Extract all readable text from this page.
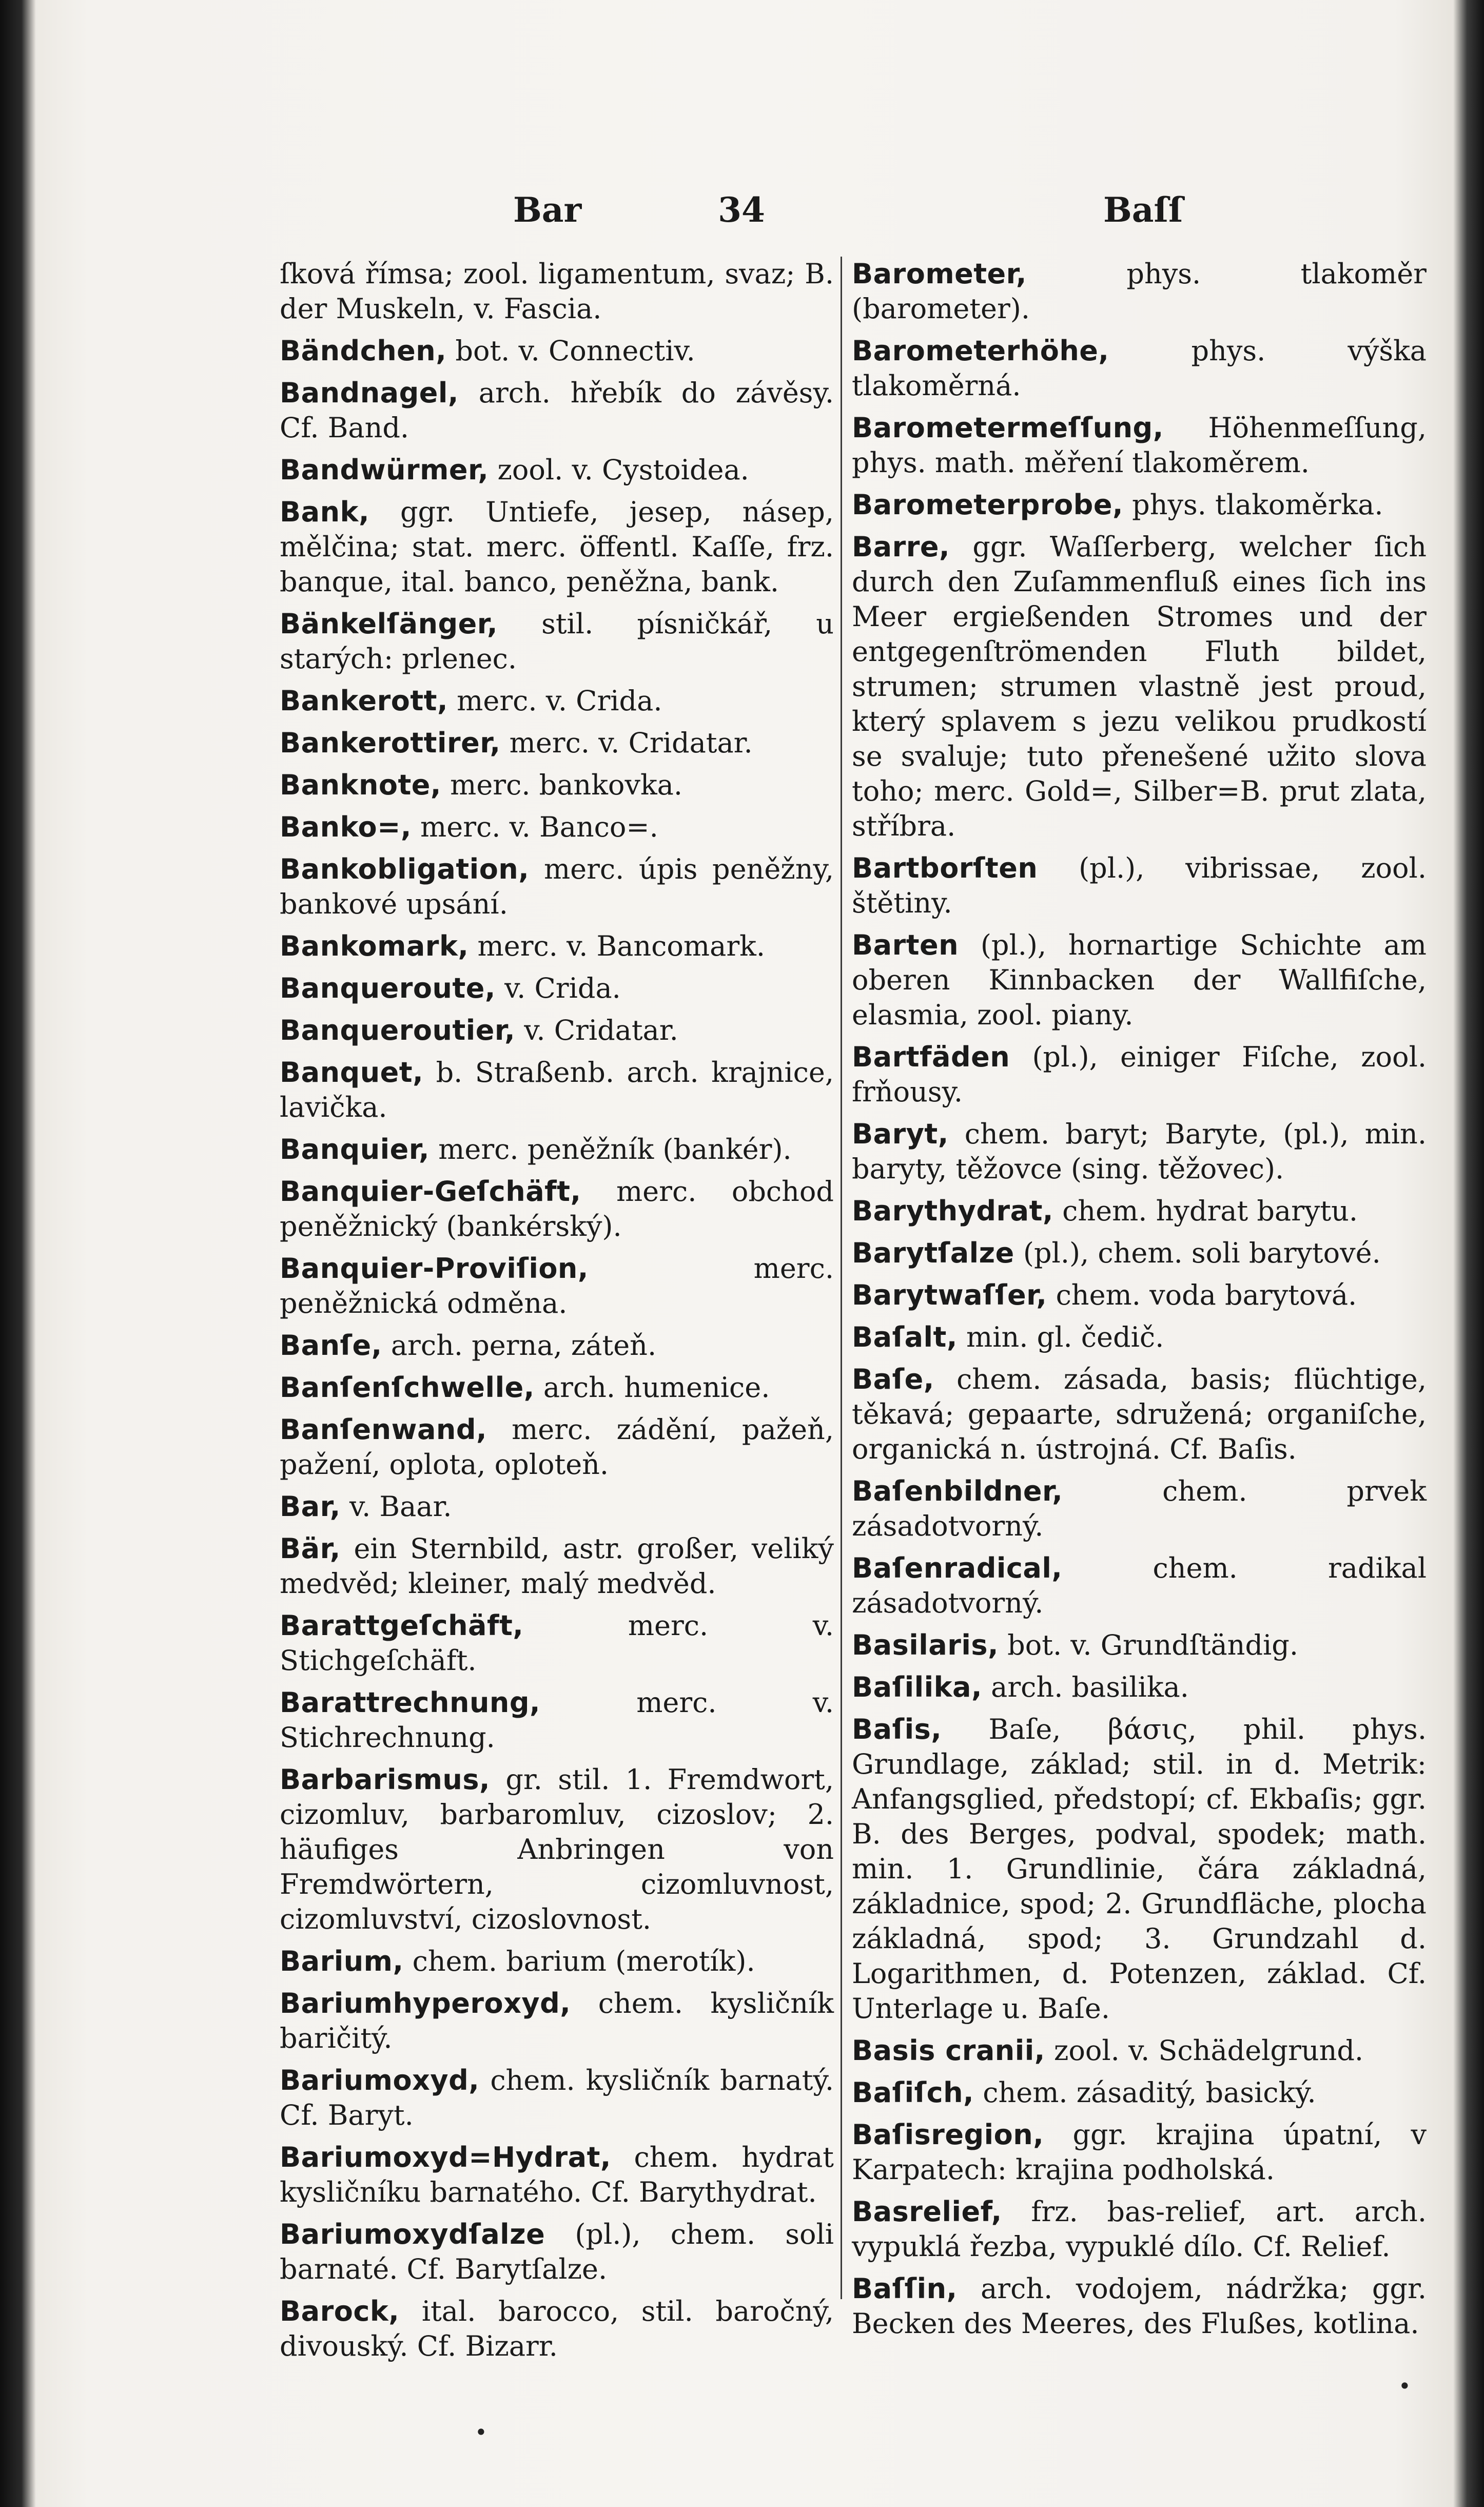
Bar	34	Baſſ
ſková římsa; zool. ligamentum, svaz; B. der Muskeln, v. Fascia.
Bändchen, bot. v. Connectiv.
Bandnagel, arch. hřebík do závěsy. Cf. Band.
Bandwürmer, zool. v. Cystoidea.
Bank, ggr. Untiefe, jesep, násep, mělčina; stat. merc. öffentl. Kaſſe, frz. banque, ital. banco, peněžna, bank.
Bänkelſänger, stil. písničkář, u starých: prlenec.
Bankerott, merc. v. Crida.
Bankerottirer, merc. v. Cridatar.
Banknote, merc. bankovka.
Banko=, merc. v. Banco=.
Bankobligation, merc. úpis peněžny, bankové upsání.
Bankomark, merc. v. Bancomark.
Banqueroute, v. Crida.
Banqueroutier, v. Cridatar.
Banquet, b. Straßenb. arch. krajnice, lavička.
Banquier, merc. peněžník (bankér).
Banquier-Geſchäft, merc. obchod peněžnický (bankérský).
Banquier-Proviſion,	merc. peněžnická odměna.
Banſe, arch. perna, záteň.
Banſenſchwelle, arch. humenice.
Banſenwand, merc. zádění, pažeň, pažení, oplota, oploteň.
Bar, v. Baar.
Bär, ein Sternbild, astr. großer, veliký medvěd; kleiner, malý medvěd.
Barattgeſchäft,	merc. v. Stichgeſchäft.
Barattrechnung,	merc. v. Stichrechnung.
Barbarismus, gr. stil. 1. Fremdwort, cizomluv, barbaromluv, cizoslov; 2. häufiges Anbringen von Fremdwörtern, cizomluvnost, cizomluvství, cizoslovnost.
Barium, chem. barium (merotík).
Bariumhyperoxyd, chem. kysličník baričitý.
Bariumoxyd, chem. kysličník barnatý. Cf. Baryt.
Bariumoxyd=Hydrat, chem. hydrat kysličníku barnatého. Cf. Barythydrat.
Bariumoxydſalze (pl.), chem. soli barnaté. Cf. Barytſalze.
Barock, ital. barocco, stil. baročný, divouský. Cf. Bizarr.
Barometer,	phys. tlakoměr (barometer).
Barometerhöhe,	phys. výška tlakoměrná.
Barometermeſſung, Höhenmeſſung, phys. math. měření tlakoměrem.
Barometerprobe, phys. tlakoměrka.
Barre, ggr. Waſſerberg, welcher ſich durch den Zuſammenfluß eines ſich ins Meer ergießenden Stromes und der entgegenſtrömenden Fluth bildet, strumen; strumen vlastně jest proud, který splavem s jezu velikou prudkostí se svaluje; tuto přenešené užito slova toho; merc. Gold=, Silber=B. prut zlata, stříbra.
Bartborſten (pl.), vibrissae, zool. štětiny.
Barten (pl.), hornartige Schichte am oberen Kinnbacken der Wallfiſche, elasmia, zool. piany.
Bartfäden (pl.), einiger Fiſche, zool. frňousy.
Baryt, chem. baryt; Baryte, (pl.), min. baryty, těžovce (sing. těžovec).
Barythydrat, chem. hydrat barytu.
Barytſalze (pl.), chem. soli barytové.
Barytwaſſer, chem. voda barytová.
Baſalt, min. gl. čedič.
Baſe, chem. zásada, basis; flüchtige, těkavá; gepaarte, sdružená; organiſche, organická n. ústrojná. Cf. Baſis.
Baſenbildner,	chem. prvek zásadotvorný.
Baſenradical,	chem. radikal zásadotvorný.
Basilaris, bot. v. Grundſtändig.
Baſilika, arch. basilika.
Baſis, Baſe, βάσις, phil. phys. Grundlage, základ; stil. in d. Metrik: Anfangsglied, předstopí; cf. Ekbaſis; ggr. B. des Berges, podval, spodek; math. min. 1. Grundlinie, čára základná, základnice, spod; 2. Grundfläche, plocha základná, spod; 3. Grundzahl d. Logarithmen, d. Potenzen, základ. Cf. Unterlage u. Baſe.
Basis cranii, zool. v. Schädelgrund.
Baſiſch, chem. zásaditý, basický.
Baſisregion, ggr. krajina úpatní, v Karpatech: krajina podholská.
Basrelief, frz. bas-relief, art. arch. vypuklá řezba, vypuklé dílo. Cf. Relief.
Baſſin, arch. vodojem, nádržka; ggr. Becken des Meeres, des Flußes, kotlina.
•
•
